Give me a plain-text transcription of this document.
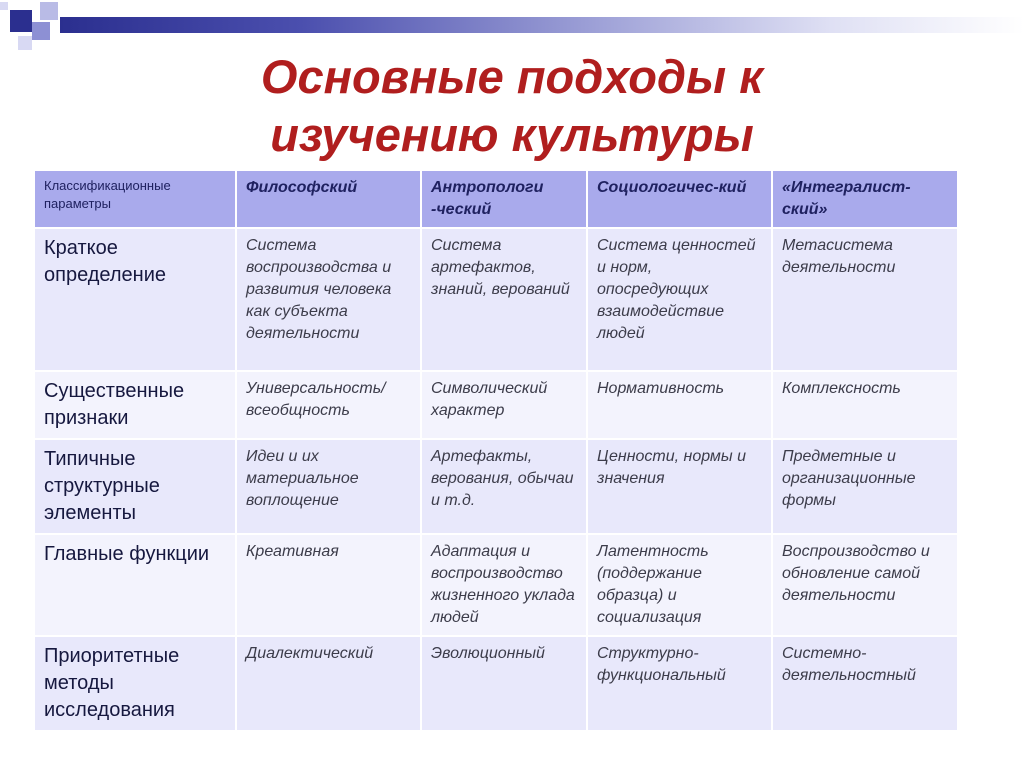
Основные подходы к изучению культуры
Классификационные параметры	Философский	Антропологи -ческий	Социологичес-кий	«Интегралист-ский»
Краткое определение	Система воспроизводства и развития человека как субъекта деятельности	Система артефактов, знаний, верований	Система ценностей и норм, опосредующих взаимодействие людей	Метасистема деятельности
Существенные признаки	Универсальность/ всеобщность	Символический характер	Нормативность	Комплексность
Типичные структурные элементы	Идеи и их материальное воплощение	Артефакты, верования, обычаи и т.д.	Ценности, нормы и значения	Предметные и организационные формы
Главные функции	Креативная	Адаптация и воспроизводство жизненного уклада людей	Латентность (поддержание образца) и социализация	Воспроизводство и обновление самой деятельности
Приоритетные методы исследования	Диалектический	Эволюционный	Структурно-функциональный	Системно-деятельностный
